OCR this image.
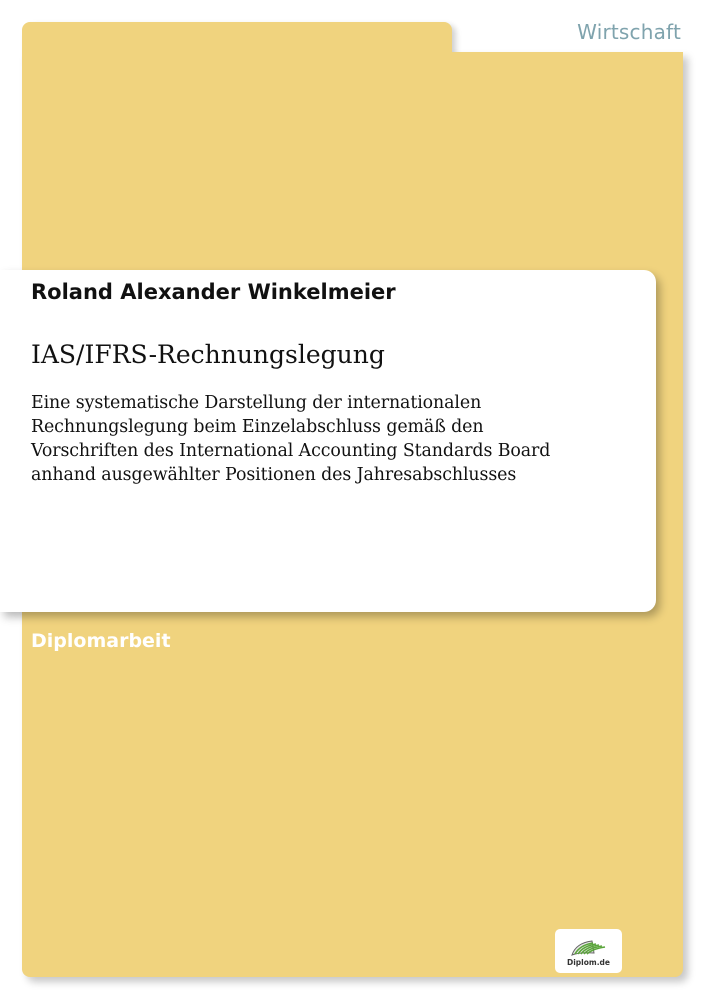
Wirtschaft
Roland Alexander Winkelmeier
IAS/IFRS-Rechnungslegung
Eine systematische Darstellung der internationalen
Rechnungslegung beim Einzelabschluss gemäß den
Vorschriften des International Accounting Standards Board
anhand ausgewählter Positionen des Jahresabschlusses
Diplomarbeit
Diplom.de
